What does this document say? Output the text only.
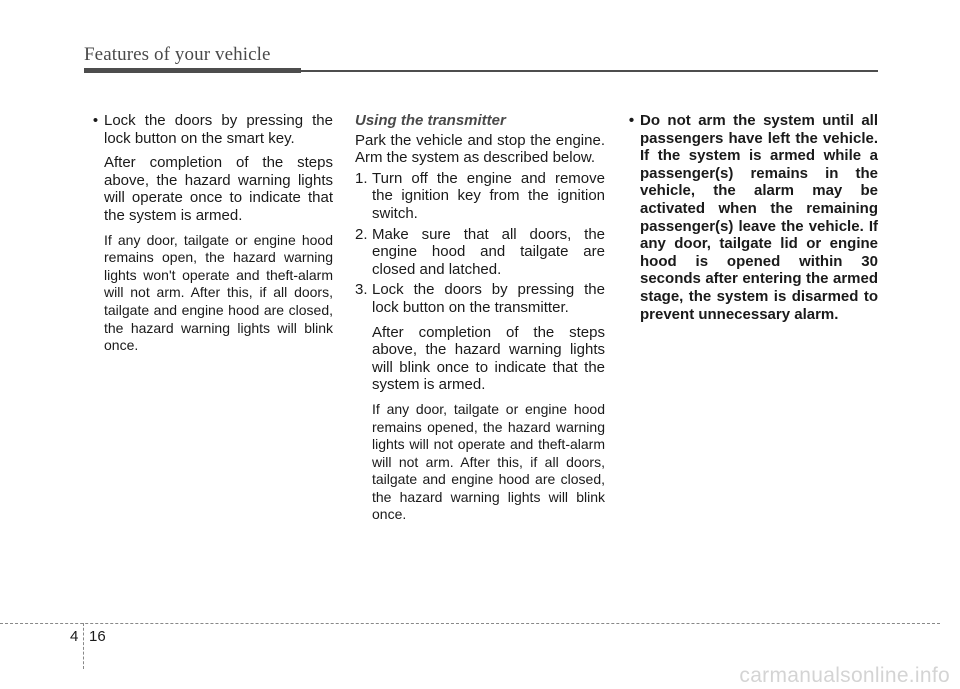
Features of your vehicle

• Lock the doors by pressing the lock button on the smart key.

After completion of the steps above, the hazard warning lights will operate once to indicate that the system is armed.

If any door, tailgate or engine hood remains open, the hazard warning lights won't operate and theft-alarm will not arm. After this, if all doors, tailgate and engine hood are closed, the hazard warning lights will blink once.

Using the transmitter

Park the vehicle and stop the engine. Arm the system as described below.

1. Turn off the engine and remove the ignition key from the ignition switch.

2. Make sure that all doors, the engine hood and tailgate are closed and latched.

3. Lock the doors by pressing the lock button on the transmitter.

After completion of the steps above, the hazard warning lights will blink once to indicate that the system is armed.

If any door, tailgate or engine hood remains opened, the hazard warning lights will not operate and theft-alarm will not arm. After this, if all doors, tailgate and engine hood are closed, the hazard warning lights will blink once.

• Do not arm the system until all passengers have left the vehicle. If the system is armed while a passenger(s) remains in the vehicle, the alarm may be activated when the remaining passenger(s) leave the vehicle. If any door, tailgate lid or engine hood is opened within 30 seconds after entering the armed stage, the system is disarmed to prevent unnecessary alarm.

4 16
carmanualsonline.info
